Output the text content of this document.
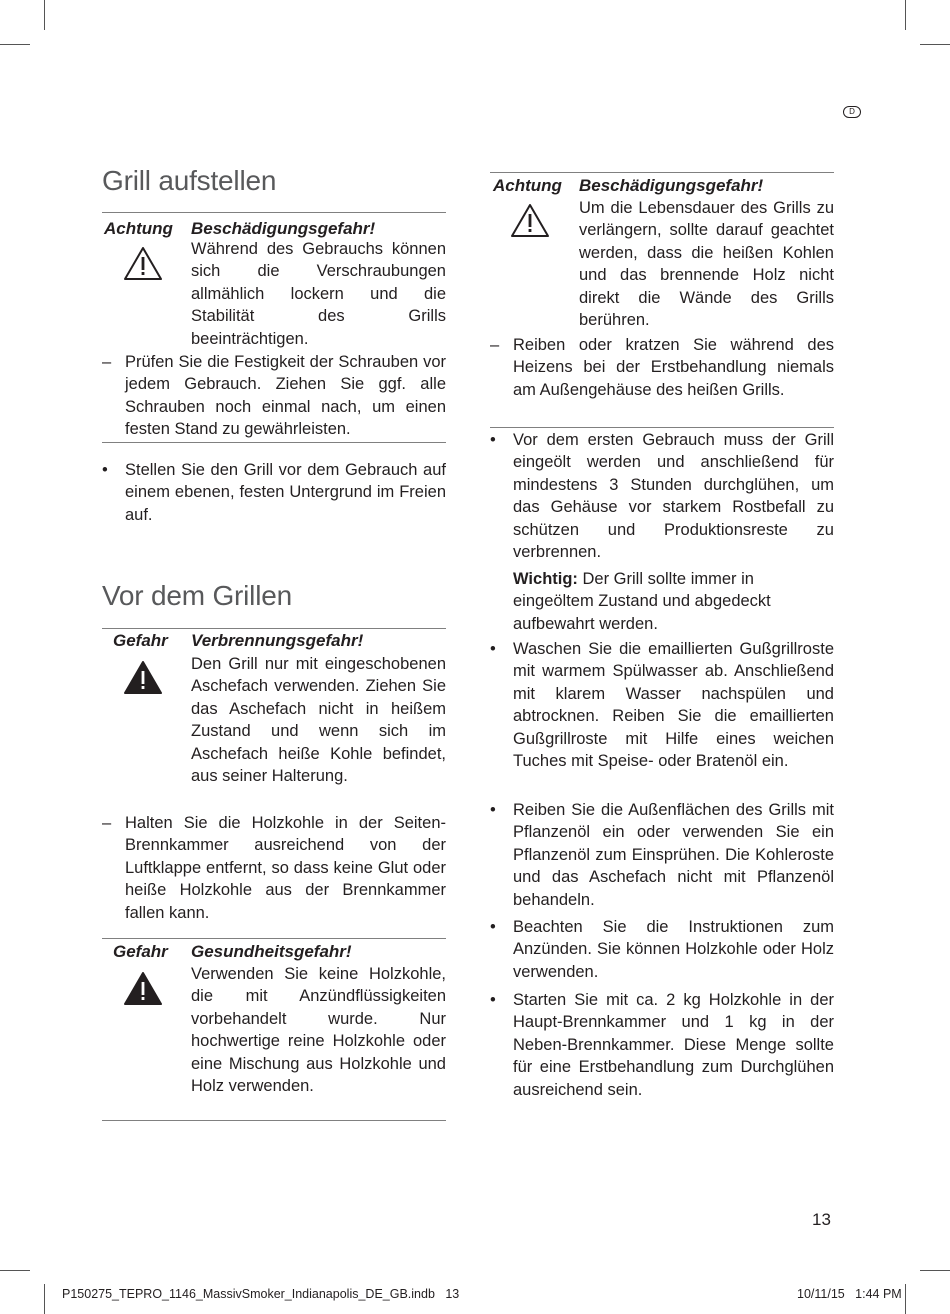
D
Grill aufstellen
Achtung Beschädigungsgefahr!
Während des Gebrauchs können sich die Verschraubungen allmählich lockern und die Stabilität des Grills beeinträchtigen.
– Prüfen Sie die Festigkeit der Schrauben vor jedem Gebrauch. Ziehen Sie ggf. alle Schrauben noch einmal nach, um einen festen Stand zu gewährleisten.
• Stellen Sie den Grill vor dem Gebrauch auf einem ebenen, festen Untergrund im Freien auf.
Vor dem Grillen
Gefahr Verbrennungsgefahr!
Den Grill nur mit eingeschobenen Aschefach verwenden. Ziehen Sie das Aschefach nicht in heißem Zustand und wenn sich im Aschefach heiße Kohle befindet, aus seiner Halterung.
– Halten Sie die Holzkohle in der Seiten-Brennkammer ausreichend von der Luftklappe entfernt, so dass keine Glut oder heiße Holzkohle aus der Brennkammer fallen kann.
Gefahr Gesundheitsgefahr!
Verwenden Sie keine Holzkohle, die mit Anzündflüssigkeiten vorbehandelt wurde. Nur hochwertige reine Holzkohle oder eine Mischung aus Holzkohle und Holz verwenden.
Achtung Beschädigungsgefahr!
Um die Lebensdauer des Grills zu verlängern, sollte darauf geachtet werden, dass die heißen Kohlen und das brennende Holz nicht direkt die Wände des Grills berühren.
– Reiben oder kratzen Sie während des Heizens bei der Erstbehandlung niemals am Außengehäuse des heißen Grills.
• Vor dem ersten Gebrauch muss der Grill eingeölt werden und anschließend für mindestens 3 Stunden durchglühen, um das Gehäuse vor starkem Rostbefall zu schützen und Produktionsreste zu verbrennen.
Wichtig: Der Grill sollte immer in eingeöltem Zustand und abgedeckt aufbewahrt werden.
• Waschen Sie die emaillierten Gußgrillroste mit warmem Spülwasser ab. Anschließend mit klarem Wasser nachspülen und abtrocknen. Reiben Sie die emaillierten Gußgrillroste mit Hilfe eines weichen Tuches mit Speise- oder Bratenöl ein.
• Reiben Sie die Außenflächen des Grills mit Pflanzenöl ein oder verwenden Sie ein Pflanzenöl zum Einsprühen. Die Kohleroste und das Aschefach nicht mit Pflanzenöl behandeln.
• Beachten Sie die Instruktionen zum Anzünden. Sie können Holzkohle oder Holz verwenden.
• Starten Sie mit ca. 2 kg Holzkohle in der Haupt-Brennkammer und 1 kg in der Neben-Brennkammer. Diese Menge sollte für eine Erstbehandlung zum Durchglühen ausreichend sein.
13
P150275_TEPRO_1146_MassivSmoker_Indianapolis_DE_GB.indb   13	10/11/15   1:44 PM
